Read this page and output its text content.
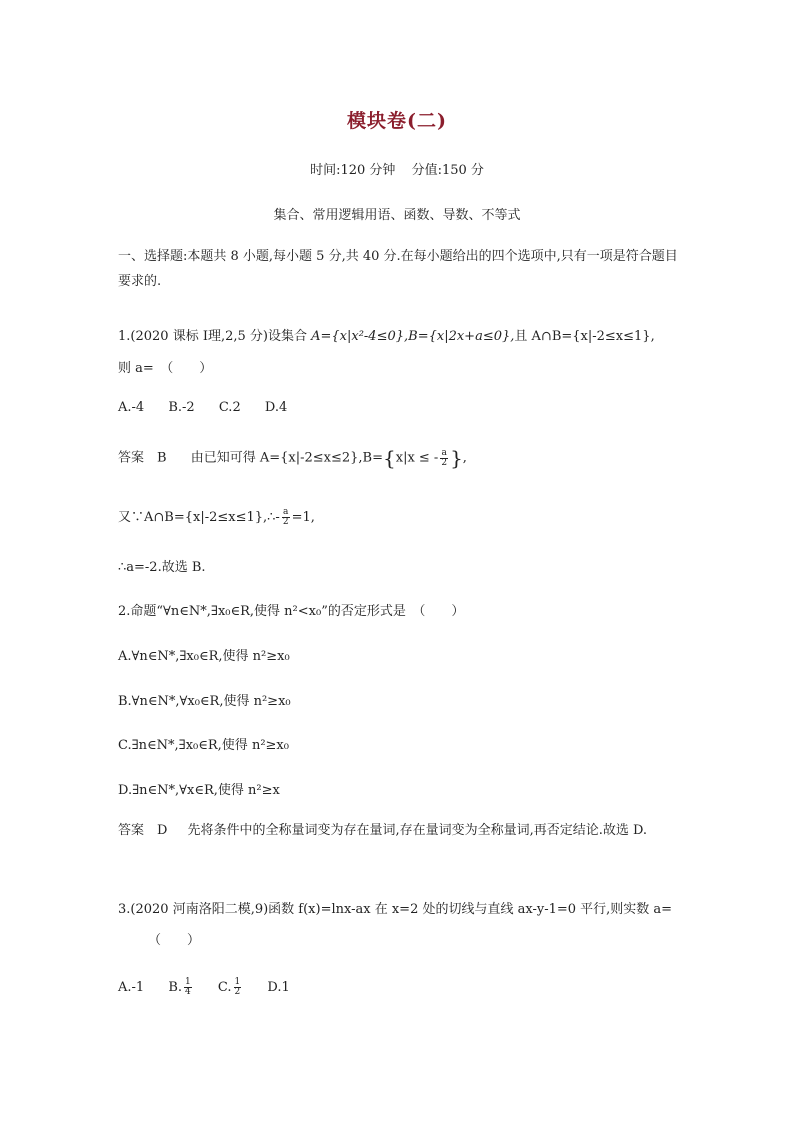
模块卷(二)
时间:120 分钟 分值:150 分
集合、常用逻辑用语、函数、导数、不等式
一、选择题:本题共 8 小题,每小题 5 分,共 40 分.在每小题给出的四个选项中,只有一项是符合题目要求的.
1.(2020 课标 Ⅰ理,2,5 分)设集合 A={x|x²-4≤0},B={x|2x+a≤0},且 A∩B={x|-2≤x≤1},
则 a=　（　　）
A.-4 B.-2 C.2 D.4
答案　B 由已知可得 A={x|-2≤x≤2},B={x|x ≤ - $\frac{a}{2}$ },
又∵A∩B={x|-2≤x≤1},∴- $\frac{a}{2} =1$,
∴a=-2.故选 B.
2.命题“∀n∈N*,∃x₀∈R,使得 n²<x₀”的否定形式是　（　　）
A.∀n∈N*,∃x₀∈R,使得 n²≥x₀
B.∀n∈N*,∀x₀∈R,使得 n²≥x₀
C.∃n∈N*,∃x₀∈R,使得 n²≥x₀
D.∃n∈N*,∀x∈R,使得 n²≥x
答案　D 先将条件中的全称量词变为存在量词,存在量词变为全称量词,再否定结论.故选 D.
3.(2020 河南洛阳二模,9)函数 f(x)=lnx-ax 在 x=2 处的切线与直线 ax-y-1=0 平行,则实数 a=
（　　）
A.-1 B. $\frac{1}{4} C$. $\frac{1}{2} D.1$
